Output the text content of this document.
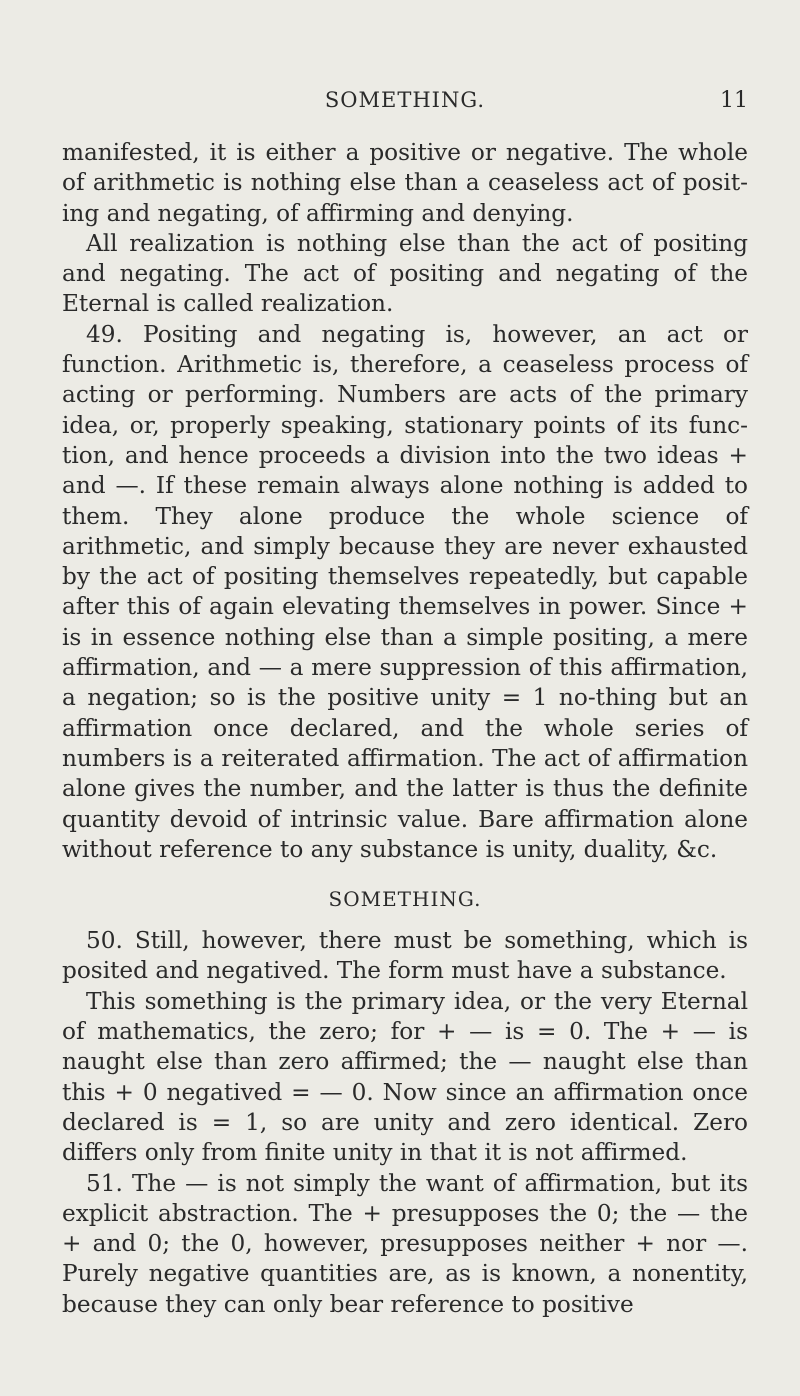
SOMETHING.	11

manifested, it is either a positive or negative. The whole of arithmetic is nothing else than a ceaseless act of posit-ing and negating, of affirming and denying.

All realization is nothing else than the act of positing and negating. The act of positing and negating of the Eternal is called realization.

49. Positing and negating is, however, an act or function. Arithmetic is, therefore, a ceaseless process of acting or performing. Numbers are acts of the primary idea, or, properly speaking, stationary points of its func-tion, and hence proceeds a division into the two ideas + and —. If these remain always alone nothing is added to them. They alone produce the whole science of arithmetic, and simply because they are never exhausted by the act of positing themselves repeatedly, but capable after this of again elevating themselves in power. Since + is in essence nothing else than a simple positing, a mere affirmation, and — a mere suppression of this affirmation, a negation; so is the positive unity = 1 no-thing but an affirmation once declared, and the whole series of numbers is a reiterated affirmation. The act of affirmation alone gives the number, and the latter is thus the definite quantity devoid of intrinsic value. Bare affirmation alone without reference to any substance is unity, duality, &c.

SOMETHING.

50. Still, however, there must be something, which is posited and negatived. The form must have a substance.

This something is the primary idea, or the very Eternal of mathematics, the zero; for + — is = 0. The + — is naught else than zero affirmed; the — naught else than this + 0 negatived = — 0. Now since an affirmation once declared is = 1, so are unity and zero identical. Zero differs only from finite unity in that it is not affirmed.

51. The — is not simply the want of affirmation, but its explicit abstraction. The + presupposes the 0; the — the + and 0; the 0, however, presupposes neither + nor —. Purely negative quantities are, as is known, a nonentity, because they can only bear reference to positive
